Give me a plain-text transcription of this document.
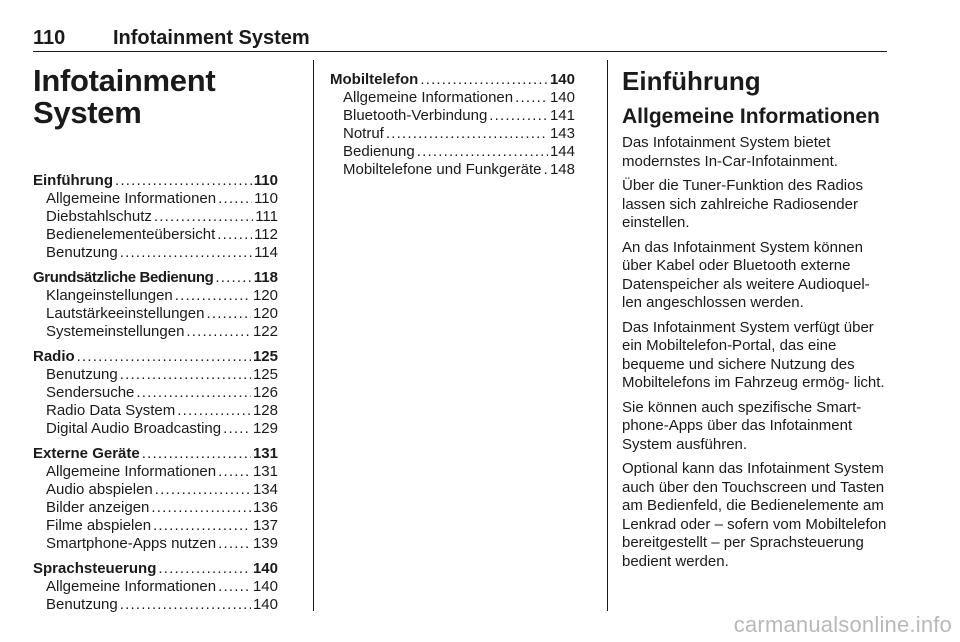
110 Infotainment System
Infotainment System
Einführung .....	110
Allgemeine Informationen .....	110
Diebstahlschutz .....	111
Bedienelementeübersicht .....	112
Benutzung .....	114
Grundsätzliche Bedienung .....	118
Klangeinstellungen .....	120
Lautstärkeeinstellungen .....	120
Systemeinstellungen .....	122
Radio .....	125
Benutzung .....	125
Sendersuche .....	126
Radio Data System .....	128
Digital Audio Broadcasting ..... 129
Externe Geräte .....	131
Allgemeine Informationen ..... 131
Audio abspielen .....	134
Bilder anzeigen .....	136
Filme abspielen .....	137
Smartphone-Apps nutzen ..... 139
Sprachsteuerung .....	140
Allgemeine Informationen ..... 140
Benutzung .....	140
Mobiltelefon .....	140
Allgemeine Informationen ..... 140
Bluetooth-Verbindung .....	141
Notruf .....	143
Bedienung .....	144
Mobiltelefone und Funkgeräte ..... 148
Einführung
Allgemeine Informationen

Das Infotainment System bietet modernstes In-Car-Infotainment.

Über die Tuner-Funktion des Radios lassen sich zahlreiche Radiosender einstellen.

An das Infotainment System können über Kabel oder Bluetooth externe Datenspeicher als weitere Audioquel- len angeschlossen werden.

Das Infotainment System verfügt über ein Mobiltelefon-Portal, das eine bequeme und sichere Nutzung des Mobiltelefons im Fahrzeug ermög- licht.

Sie können auch spezifische Smart- phone-Apps über das Infotainment System ausführen.

Optional kann das Infotainment System auch über den Touchscreen und Tasten am Bedienfeld, die Bedienelemente am Lenkrad oder – sofern vom Mobiltelefon bereitgestellt – per Sprachsteuerung bedient werden.

carmanualsonline.info
